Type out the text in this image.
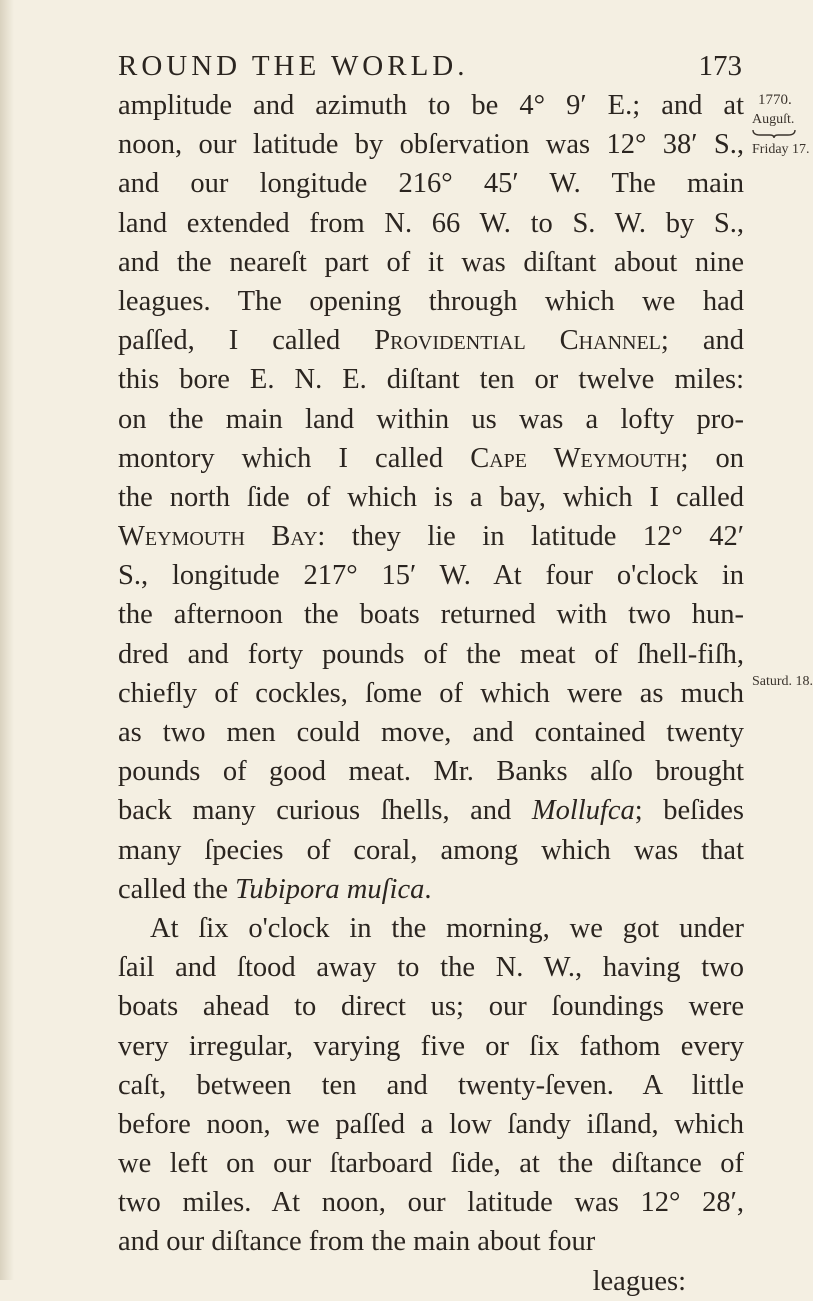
ROUND THE WORLD.	173
1770.
Auguſt.
Friday 17.
Saturd. 18.
amplitude and azimuth to be 4° 9′ E.; and at
noon, our latitude by obſervation was 12° 38′ S.,
and our longitude 216° 45′ W. The main
land extended from N. 66 W. to S. W. by S.,
and the neareſt part of it was diſtant about nine
leagues. The opening through which we had
paſſed, I called Providential Channel; and
this bore E. N. E. diſtant ten or twelve miles:
on the main land within us was a lofty pro-
montory which I called Cape Weymouth; on
the north ſide of which is a bay, which I called
Weymouth Bay: they lie in latitude 12° 42′
S., longitude 217° 15′ W. At four o'clock in
the afternoon the boats returned with two hun-
dred and forty pounds of the meat of ſhell-fiſh,
chiefly of cockles, ſome of which were as much
as two men could move, and contained twenty
pounds of good meat. Mr. Banks alſo brought
back many curious ſhells, and Mollufca; beſides
many ſpecies of coral, among which was that
called the Tubipora muſica.
At ſix o'clock in the morning, we got under
ſail and ſtood away to the N. W., having two
boats ahead to direct us; our ſoundings were
very irregular, varying five or ſix fathom every
caſt, between ten and twenty-ſeven. A little
before noon, we paſſed a low ſandy iſland, which
we left on our ſtarboard ſide, at the diſtance of
two miles. At noon, our latitude was 12° 28′,
and our diſtance from the main about four
leagues:
